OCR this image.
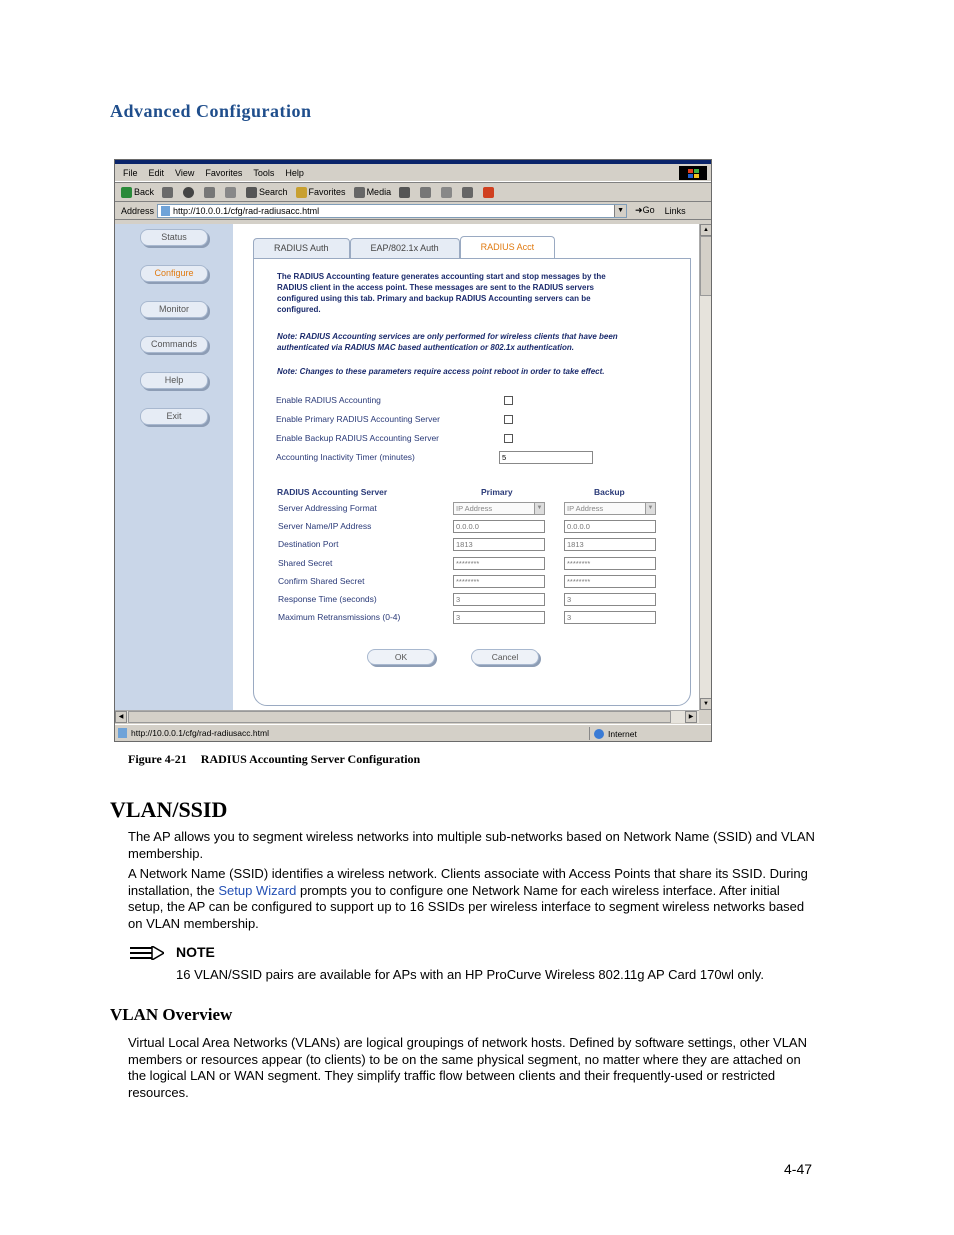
Advanced Configuration
File Edit View Favorites Tools Help
Back	Search Favorites Media
Address http://10.0.0.1/cfg/rad-radiusacc.html	▼ ➜Go Links
Status
Configure
Monitor
Commands
Help
Exit
RADIUS Auth	EAP/802.1x Auth	RADIUS Acct
The RADIUS Accounting feature generates accounting start and stop messages by the
RADIUS client in the access point. These messages are sent to the RADIUS servers
configured using this tab. Primary and backup RADIUS Accounting servers can be
configured.
Note: RADIUS Accounting services are only performed for wireless clients that have been
authenticated via RADIUS MAC based authentication or 802.1x authentication.
Note: Changes to these parameters require access point reboot in order to take effect.
Enable RADIUS Accounting
Enable Primary RADIUS Accounting Server
Enable Backup RADIUS Accounting Server
Accounting Inactivity Timer (minutes)	5
RADIUS Accounting Server	Primary	Backup
Server Addressing Format	IP Address	▼	IP Address	▼
Server Name/IP Address	0.0.0.0	0.0.0.0
Destination Port	1813	1813
Shared Secret	********	********
Confirm Shared Secret	********	********
Response Time (seconds)	3	3
Maximum Retransmissions (0-4)	3	3
OK	Cancel
▲
▼
◀	▶
http://10.0.0.1/cfg/rad-radiusacc.html	Internet
Figure 4-21 RADIUS Accounting Server Configuration
VLAN/SSID
The AP allows you to segment wireless networks into multiple sub-networks based on Network Name (SSID) and VLAN membership.
A Network Name (SSID) identifies a wireless network. Clients associate with Access Points that share its SSID. During installation, the Setup Wizard prompts you to configure one Network Name for each wireless interface. After initial setup, the AP can be configured to support up to 16 SSIDs per wireless interface to segment wireless networks based on VLAN membership.
NOTE
16 VLAN/SSID pairs are available for APs with an HP ProCurve Wireless 802.11g AP Card 170wl only.
VLAN Overview
Virtual Local Area Networks (VLANs) are logical groupings of network hosts. Defined by software settings, other VLAN members or resources appear (to clients) to be on the same physical segment, no matter where they are attached on the logical LAN or WAN segment. They simplify traffic flow between clients and their frequently-used or restricted resources.
4-47
